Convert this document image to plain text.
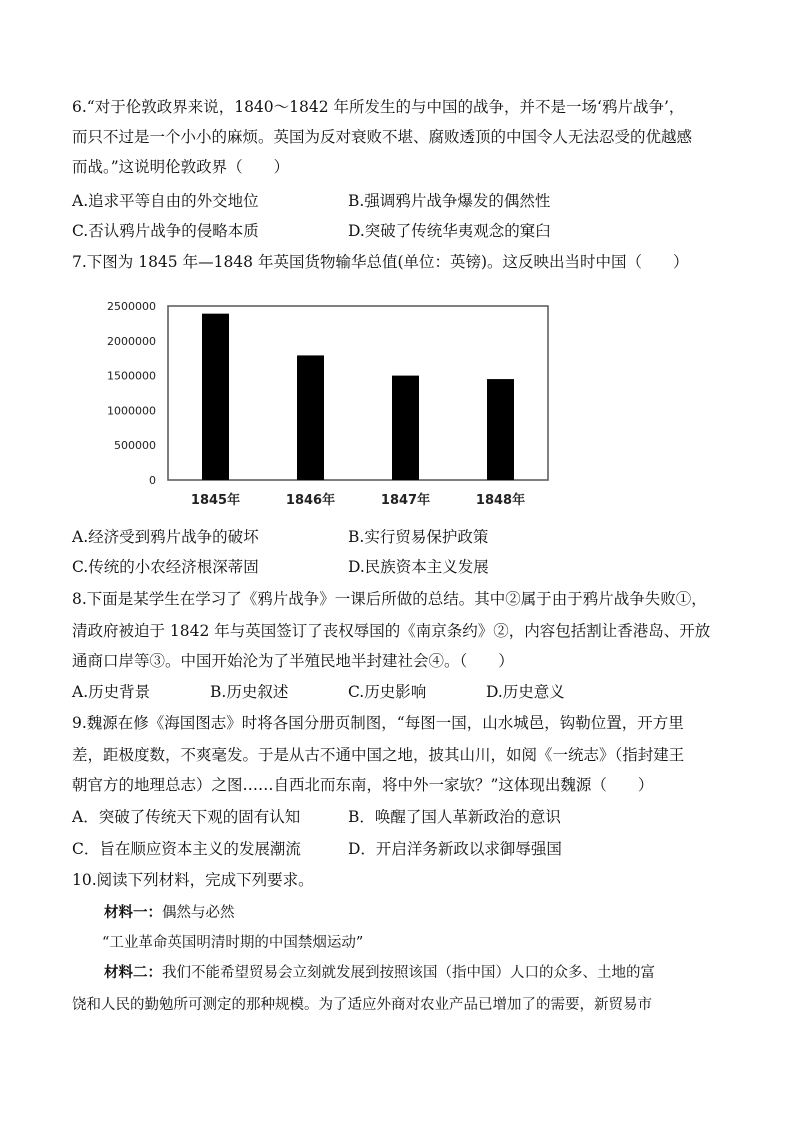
6.“对于伦敦政界来说，1840～1842 年所发生的与中国的战争，并不是一场‘鸦片战争’，
而只不过是一个小小的麻烦。英国为反对衰败不堪、腐败透顶的中国令人无法忍受的优越感
而战。”这说明伦敦政界（　　）
A.追求平等自由的外交地位	B.强调鸦片战争爆发的偶然性
C.否认鸦片战争的侵略本质	D.突破了传统华夷观念的窠臼
7.下图为 1845 年—1848 年英国货物输华总值(单位：英镑)。这反映出当时中国（　　）
0
500000
1000000
1500000
2000000
2500000
1845年	1846年	1847年	1848年
A.经济受到鸦片战争的破坏	B.实行贸易保护政策
C.传统的小农经济根深蒂固	D.民族资本主义发展
8.下面是某学生在学习了《鸦片战争》一课后所做的总结。其中②属于由于鸦片战争失败①，
清政府被迫于 1842 年与英国签订了丧权辱国的《南京条约》②，内容包括割让香港岛、开放
通商口岸等③。中国开始沦为了半殖民地半封建社会④。（　　）
A.历史背景	B.历史叙述	C.历史影响	D.历史意义
9.魏源在修《海国图志》时将各国分册页制图，“每图一国，山水城邑，钩勒位置，开方里
差，距极度数，不爽毫发。于是从古不通中国之地，披其山川，如阅《一统志》（指封建王
朝官方的地理总志）之图……自西北而东南，将中外一家欤？”这体现出魏源（　　）
A．突破了传统天下观的固有认知	B．唤醒了国人革新政治的意识
C．旨在顺应资本主义的发展潮流	D．开启洋务新政以求御辱强国
10.阅读下列材料，完成下列要求。
材料一：偶然与必然
“工业革命英国明清时期的中国禁烟运动”
材料二：我们不能希望贸易会立刻就发展到按照该国（指中国）人口的众多、土地的富
饶和人民的勤勉所可测定的那种规模。为了适应外商对农业产品已增加了的需要，新贸易市
